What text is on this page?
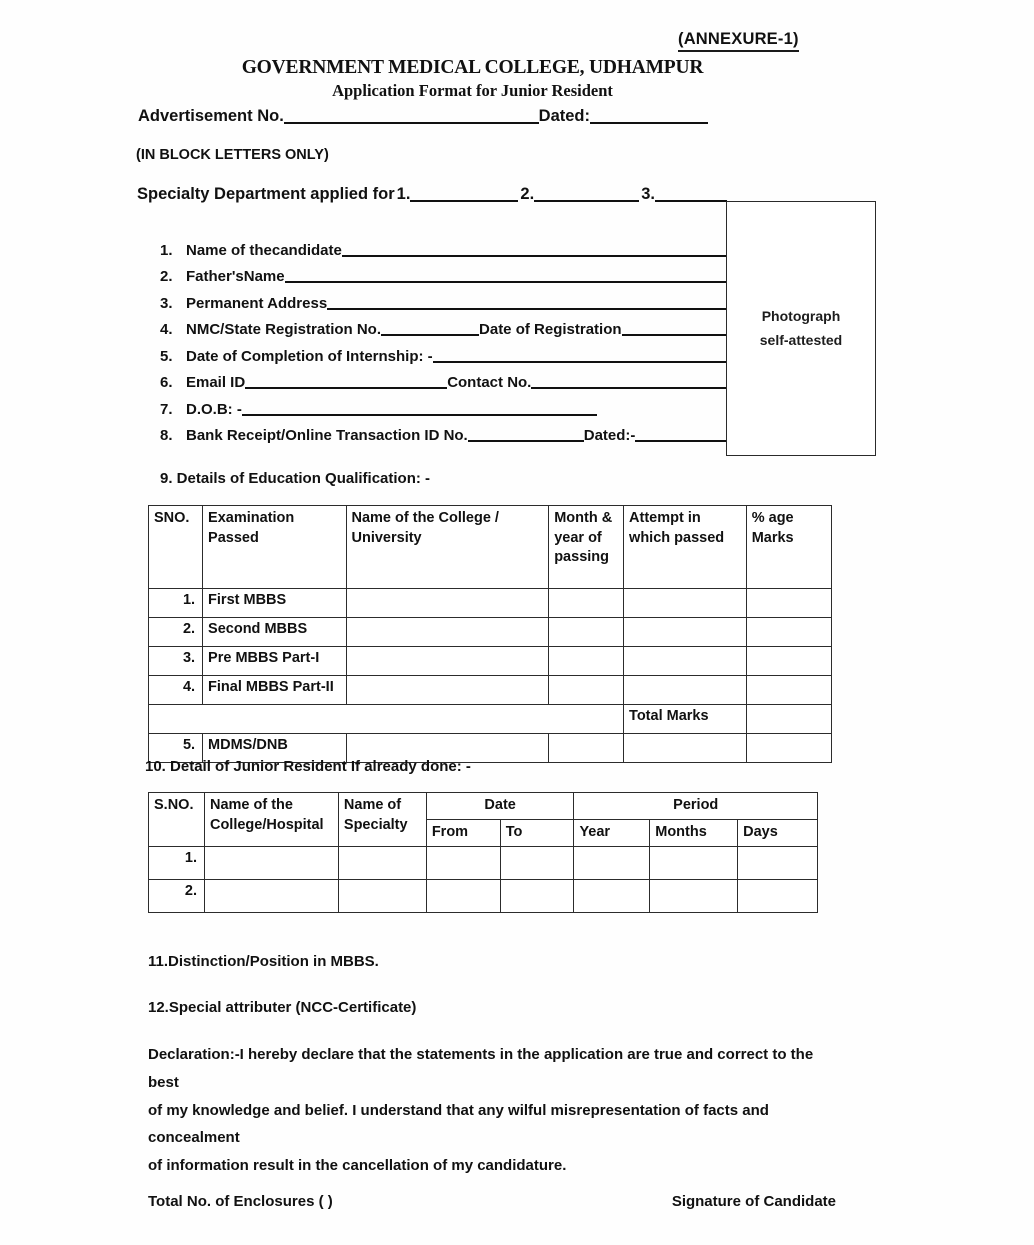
(ANNEXURE-1)
GOVERNMENT MEDICAL COLLEGE, UDHAMPUR
Application Format for Junior Resident
Advertisement No.	Dated:
(IN BLOCK LETTERS ONLY)
Specialty Department applied for 1.	2.	3.
1. Name of thecandidate
2. Father'sName
3. Permanent Address
4. NMC/State Registration No.	Date of Registration
5. Date of Completion of Internship: -
6. Email ID	Contact No.
7. D.O.B: -
8. Bank Receipt/Online Transaction ID No.	Dated:-
Photograph
self-attested
9. Details of Education Qualification: -
SNO.	Examination Passed	Name of the College / University	Month & year of passing	Attempt in which passed	% age Marks
1.	First MBBS				
2.	Second MBBS				
3.	Pre MBBS Part-I				
4.	Final MBBS Part-II				
				Total Marks	
5.	MDMS/DNB				
10. Detail of Junior Resident If already done: -
S.NO.	Name of the College/Hospital	Name of Specialty	Date		Period		
			From	To	Year	Months	Days
1.							
2.							
11.Distinction/Position in MBBS.
12.Special attributer (NCC-Certificate)
Declaration:-I hereby declare that the statements in the application are true and correct to the best
of my knowledge and belief. I understand that any wilful misrepresentation of facts and concealment
of information result in the cancellation of my candidature.
Total No. of Enclosures ( )	Signature of Candidate
